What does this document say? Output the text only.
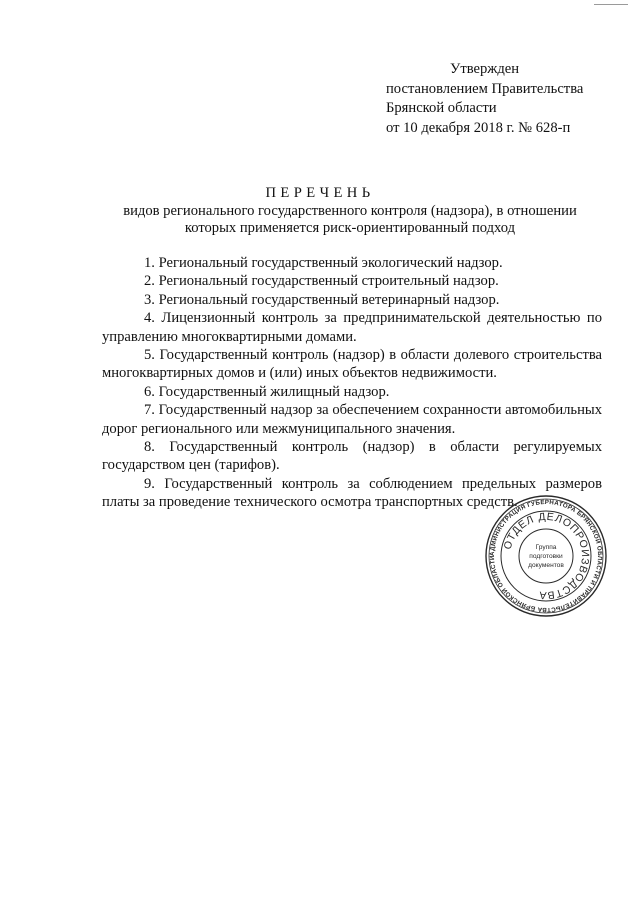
Утвержден
постановлением Правительства
Брянской области
от 10 декабря 2018 г. № 628-п
ПЕРЕЧЕНЬ
видов регионального государственного контроля (надзора), в отношении которых применяется риск-ориентированный подход

1. Региональный государственный экологический надзор.

2. Региональный государственный строительный надзор.

3. Региональный государственный ветеринарный надзор.

4. Лицензионный контроль за предпринимательской деятельностью по управлению многоквартирными домами.

5. Государственный контроль (надзор) в области долевого строительства многоквартирных домов и (или) иных объектов недвижимости.

6. Государственный жилищный надзор.

7. Государственный надзор за обеспечением сохранности автомобильных дорог регионального или межмуниципального значения.

8. Государственный контроль (надзор) в области регулируемых государством цен (тарифов).

9. Государственный контроль за соблюдением предельных размеров платы за проведение технического осмотра транспортных средств.

АДМИНИСТРАЦИЯ ГУБЕРНАТОРА БРЯНСКОЙ ОБЛАСТИ И ПРАВИТЕЛЬСТВА БРЯНСКОЙ ОБЛАСТИ
ОТДЕЛ ДЕЛОПРОИЗВОДСТВА
Группа
подготовки
документов
